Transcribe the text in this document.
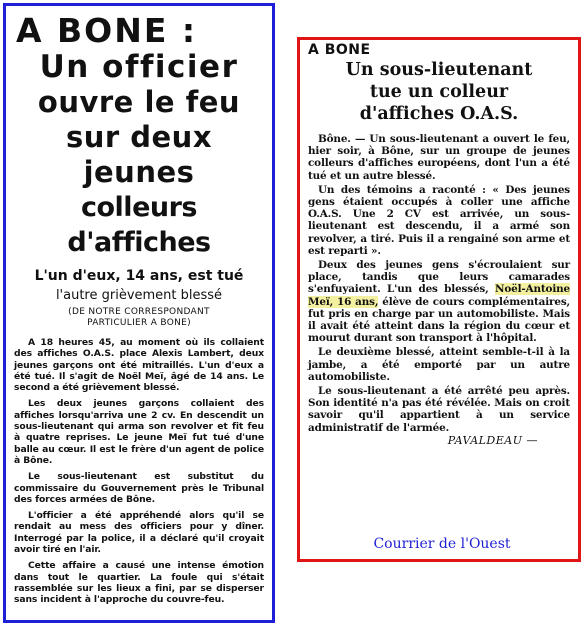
A BONE :
Un officier
ouvre le feu
sur deux jeunes
colleurs d'affiches
L'un d'eux, 14 ans, est tué
l'autre grièvement blessé
(DE NOTRE CORRESPONDANT
PARTICULIER A BONE)

A 18 heures 45, au moment où ils collaient des affiches O.A.S. place Alexis Lambert, deux jeunes garçons ont été mitraillés. L'un d'eux a été tué. Il s'agit de Noël Meï, âgé de 14 ans. Le second a été grièvement blessé.

Les deux jeunes garçons collaient des affiches lorsqu'arriva une 2 cv. En descendit un sous-lieutenant qui arma son revolver et fit feu à quatre reprises. Le jeune Meï fut tué d'une balle au cœur. Il est le frère d'un agent de police à Bône.

Le sous-lieutenant est substitut du commissaire du Gouvernement près le Tribunal des forces armées de Bône.

L'officier a été appréhendé alors qu'il se rendait au mess des officiers pour y dîner. Interrogé par la police, il a déclaré qu'il croyait avoir tiré en l'air.

Cette affaire a causé une intense émotion dans tout le quartier. La foule qui s'était rassemblée sur les lieux a fini, par se disperser sans incident à l'approche du couvre-feu.

A BONE
Un sous-lieutenant
tue un colleur
d'affiches O.A.S.

Bône. — Un sous-lieutenant a ouvert le feu, hier soir, à Bône, sur un groupe de jeunes colleurs d'affiches européens, dont l'un a été tué et un autre blessé.

Un des témoins a raconté : « Des jeunes gens étaient occupés à coller une affiche O.A.S. Une 2 CV est arrivée, un sous-lieutenant est descendu, il a armé son revolver, a tiré. Puis il a rengainé son arme et est reparti ».

Deux des jeunes gens s'écroulaient sur place, tandis que leurs camarades s'enfuyaient. L'un des blessés, Noël-Antoine Meï, 16 ans, élève de cours complémentaires, fut pris en charge par un automobiliste. Mais il avait été atteint dans la région du cœur et mourut durant son transport à l'hôpital.

Le deuxième blessé, atteint semble-t-il à la jambe, a été emporté par un autre automobiliste.

Le sous-lieutenant a été arrêté peu après. Son identité n'a pas été révélée. Mais on croit savoir qu'il appartient à un service administratif de l'armée.

PAVALDEAU —
Courrier de l'Ouest
